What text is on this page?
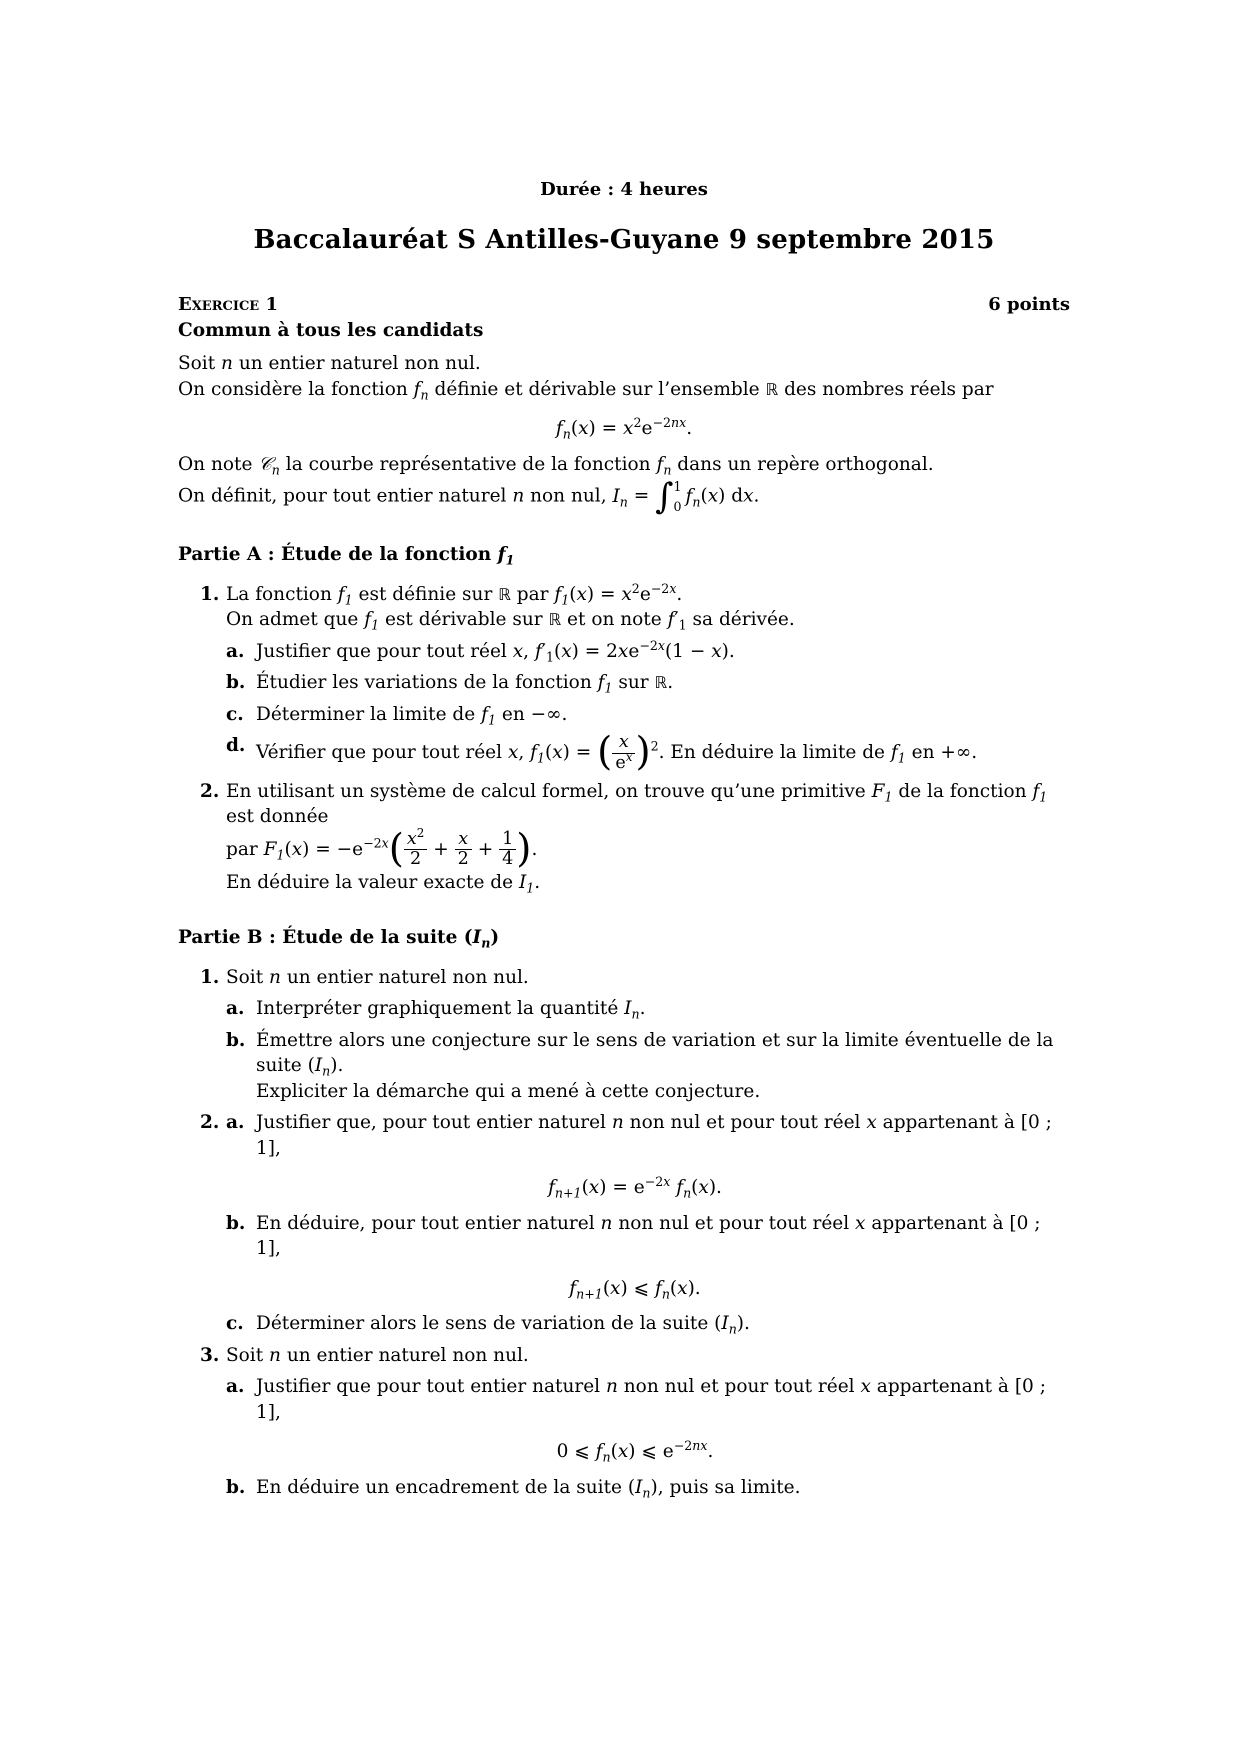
Durée : 4 heures
Baccalauréat S Antilles-Guyane 9 septembre 2015
Exercice 1	6 points
Commun à tous les candidats

Soit n un entier naturel non nul.

On considère la fonction $f_n$ définie et dérivable sur l’ensemble ℝ des nombres réels par

$f_n(x) = x^2e^{-2nx}$.

On note 𝒞$_n$ la courbe représentative de la fonction $f_n$ dans un repère orthogonal.

On définit, pour tout entier naturel n non nul, $I_n$ = ∫ 1
0 $f_n(x)$ dx.

Partie A : Étude de la fonction $f_1$
1. La fonction $f_1$ est définie sur ℝ par $f_1(x) = x^2e^{-2x}$.

On admet que $f_1$ est dérivable sur ℝ et on note $f'_1$ sa dérivée.

a. Justifier que pour tout réel x, $f'_1(x) = 2xe^{-2x}(1 - x)$.
b. Étudier les variations de la fonction $f_1$ sur ℝ.
c. Déterminer la limite de $f_1$ en −∞.
d. Vérifier que pour tout réel x, $f_1(x)$ = ( $\frac{x}{e^x} )^2$. En déduire la limite de $f_1$ en +∞.
2. En utilisant un système de calcul formel, on trouve qu’une primitive $F_1$ de la fonction $f_1$ est donnée

par $F_1(x) = -e^{-2x}( \frac{x^2}{2} + \frac{x}{2} + \frac{1}{4}$ ).

En déduire la valeur exacte de $I_1$.

Partie B : Étude de la suite $(I_n)$
1. Soit n un entier naturel non nul.

a. Interpréter graphiquement la quantité $I_n$.
b. Émettre alors une conjecture sur le sens de variation et sur la limite éventuelle de la suite $(I_n)$.
Expliciter la démarche qui a mené à cette conjecture.
2. a. Justifier que, pour tout entier naturel n non nul et pour tout réel x appartenant à [0 ; 1],
$f_{n+1}(x) = e^{-2x}$ $f_n(x)$.
b. En déduire, pour tout entier naturel n non nul et pour tout réel x appartenant à [0 ; 1],
$f_{n+1}(x)$ ⩽ $f_n(x)$.
c. Déterminer alors le sens de variation de la suite $(I_n)$.
3. Soit n un entier naturel non nul.

a. Justifier que pour tout entier naturel n non nul et pour tout réel x appartenant à [0 ; 1],
0 ⩽ $f_n(x)$ ⩽ $e^{-2nx}$.
b. En déduire un encadrement de la suite $(I_n)$, puis sa limite.
